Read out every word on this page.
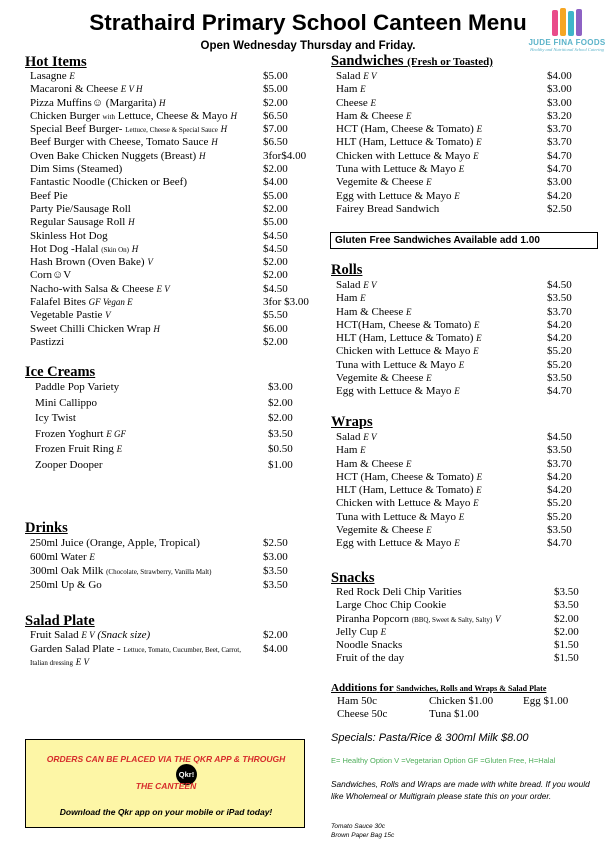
Strathaird Primary School Canteen Menu
Open Wednesday Thursday and Friday.	JUDE FINA FOODS
Healthy and Nutritional School Catering
Hot Items
Lasagne E	$5.00
Macaroni & Cheese E V H	$5.00
Pizza Muffins☺ (Margarita) H	$2.00
Chicken Burger with Lettuce, Cheese & Mayo H $6.50
Special Beef Burger- Lettuce, Cheese & Special Sauce H	$7.00
Beef Burger with Cheese, Tomato Sauce H	$6.50
Oven Bake Chicken Nuggets (Breast) H	3for$4.00
Dim Sims (Steamed)	$2.00
Fantastic Noodle (Chicken or Beef)	$4.00
Beef Pie	$5.00
Party Pie/Sausage Roll	$2.00
Regular Sausage Roll H	$5.00
Skinless Hot Dog	$4.50
Hot Dog -Halal (Skin On) H	$4.50
Hash Brown (Oven Bake) V	$2.00
Corn☺V	$2.00
Nacho-with Salsa & Cheese E V	$4.50
Falafel Bites GF Vegan E	3for $3.00
Vegetable Pastie V	$5.50
Sweet Chilli Chicken Wrap H	$6.00
Pastizzi	$2.00
Ice Creams
Paddle Pop Variety	$3.00
Mini Callippo	$2.00
Icy Twist	$2.00
Frozen Yoghurt E GF	$3.50
Frozen Fruit Ring E	$0.50
Zooper Dooper	$1.00
Drinks
250ml Juice (Orange, Apple, Tropical)	$2.50
600ml Water E	$3.00
300ml Oak Milk (Chocolate, Strawberry, Vanilla Malt)	$3.50
250ml Up & Go	$3.50
Salad Plate
Fruit Salad E V (Snack size)	$2.00
Garden Salad Plate - Lettuce, Tomato, Cucumber, Beet, Carrot, $4.00
Italian dressing E V
Sandwiches (Fresh or Toasted)
Salad E V	$4.00
Ham E	$3.00
Cheese E	$3.00
Ham & Cheese E	$3.20
HCT (Ham, Cheese & Tomato) E	$3.70
HLT (Ham, Lettuce & Tomato) E	$3.70
Chicken with Lettuce & Mayo E	$4.70
Tuna with Lettuce & Mayo E	$4.70
Vegemite & Cheese E	$3.00
Egg with Lettuce & Mayo E	$4.20
Fairey Bread Sandwich	$2.50
Gluten Free Sandwiches Available add 1.00
Rolls
Salad E V	$4.50
Ham E	$3.50
Ham & Cheese E	$3.70
HCT(Ham, Cheese & Tomato) E	$4.20
HLT (Ham, Lettuce & Tomato) E	$4.20
Chicken with Lettuce & Mayo E	$5.20
Tuna with Lettuce & Mayo E	$5.20
Vegemite & Cheese E	$3.50
Egg with Lettuce & Mayo E	$4.70
Wraps
Salad E V	$4.50
Ham E	$3.50
Ham & Cheese E	$3.70
HCT (Ham, Cheese & Tomato) E	$4.20
HLT (Ham, Lettuce & Tomato) E	$4.20
Chicken with Lettuce & Mayo E	$5.20
Tuna with Lettuce & Mayo E	$5.20
Vegemite & Cheese E	$3.50
Egg with Lettuce & Mayo E	$4.70
Snacks
Red Rock Deli Chip Varities	$3.50
Large Choc Chip Cookie	$3.50
Piranha Popcorn (BBQ, Sweet & Salty, Salty) V	$2.00
Jelly Cup E	$2.00
Noodle Snacks	$1.50
Fruit of the day	$1.50
Additions for Sandwiches, Rolls and Wraps & Salad Plate
Ham 50c	Chicken $1.00	Egg $1.00
Cheese 50c	Tuna $1.00
Specials: Pasta/Rice & 300ml Milk $8.00
E= Healthy Option V =Vegetarian Option GF =Gluten Free, H=Halal
Sandwiches, Rolls and Wraps are made with white bread. If you would like Wholemeal or Multigrain please state this on your order.
Tomato Sauce 30c
Brown Paper Bag 15c
ORDERS CAN BE PLACED VIA THE QKR APP & THROUGH
Qkr!
THE CANTEEN
Download the Qkr app on your mobile or iPad today!
